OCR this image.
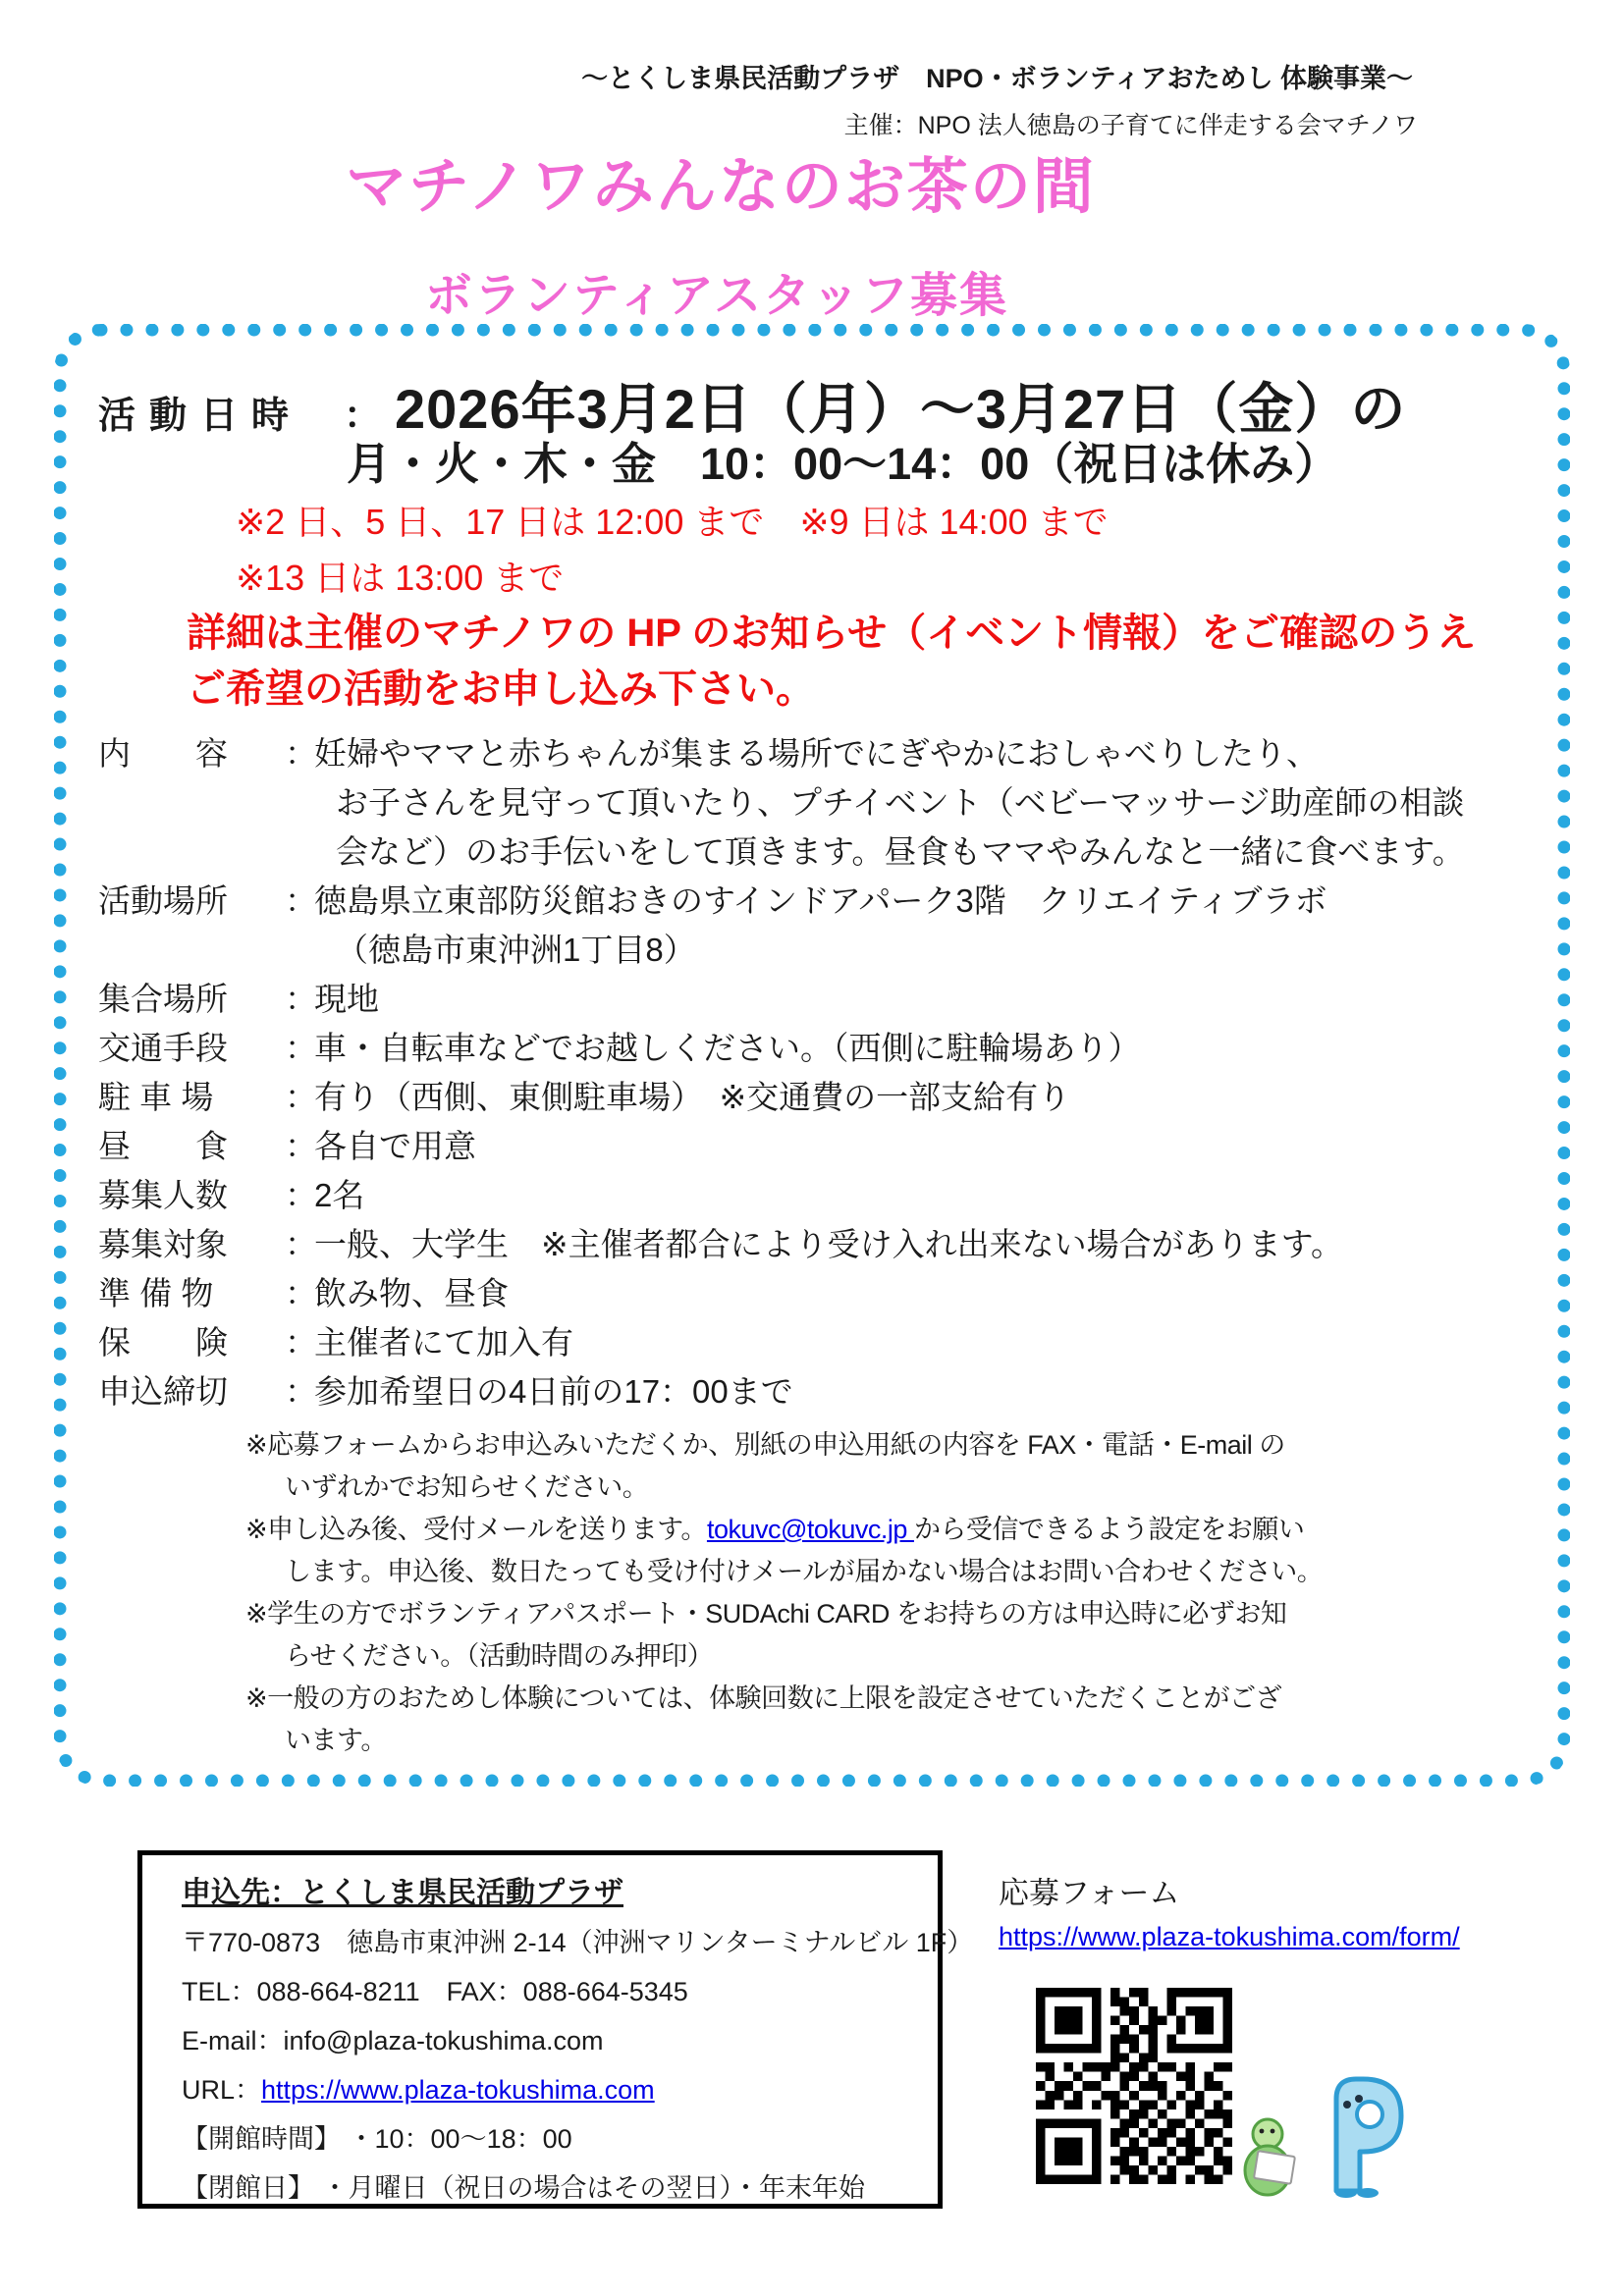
～とくしま県民活動プラザ　NPO・ボランティアおためし 体験事業～
主催：NPO 法人徳島の子育てに伴走する会マチノワ
マチノワみんなのお茶の間
ボランティアスタッフ募集
活動日時	： 2026年3月2日（月）～3月27日（金）の
月・火・木・金　10：00～14：00（祝日は休み）
※2 日、5 日、17 日は 12:00 まで　※9 日は 14:00 まで
※13 日は 13:00 まで
詳細は主催のマチノワの HP のお知らせ（イベント情報）をご確認のうえ
ご希望の活動をお申し込み下さい。
内　　容	：
妊婦やママと赤ちゃんが集まる場所でにぎやかにおしゃべりしたり、
お子さんを見守って頂いたり、プチイベント（ベビーマッサージ助産師の相談
会など）のお手伝いをして頂きます。昼食もママやみんなと一緒に食べます。
活動場所	：
徳島県立東部防災館おきのすインドアパーク3階　クリエイティブラボ
（徳島市東沖洲1丁目8）
集合場所	：
現地
交通手段	：
車・自転車などでお越しください。（西側に駐輪場あり）
駐 車 場	：
有り（西側、東側駐車場）　※交通費の一部支給有り
昼　　食	：
各自で用意
募集人数	：
2名
募集対象	：
一般、大学生　※主催者都合により受け入れ出来ない場合があります。
準 備 物	：
飲み物、昼食
保　　険	：
主催者にて加入有
申込締切	：
参加希望日の4日前の17：00まで
※応募フォームからお申込みいただくか、別紙の申込用紙の内容を FAX・電話・E-mail の
いずれかでお知らせください。
※申し込み後、受付メールを送ります。tokuvc@tokuvc.jp から受信できるよう設定をお願い
します。申込後、数日たっても受け付けメールが届かない場合はお問い合わせください。
※学生の方でボランティアパスポート・SUDAchi CARD をお持ちの方は申込時に必ずお知
らせください。（活動時間のみ押印）
※一般の方のおためし体験については、体験回数に上限を設定させていただくことがござ
います。
申込先：とくしま県民活動プラザ
〒770-0873　徳島市東沖洲 2-14（沖洲マリンターミナルビル 1F）
TEL：088-664-8211　FAX：088-664-5345
E-mail：info@plaza-tokushima.com
URL：https://www.plaza-tokushima.com
【開館時間】 ・10：00～18：00
【閉館日】 ・月曜日（祝日の場合はその翌日）・年末年始
応募フォーム
https://www.plaza-tokushima.com/form/
